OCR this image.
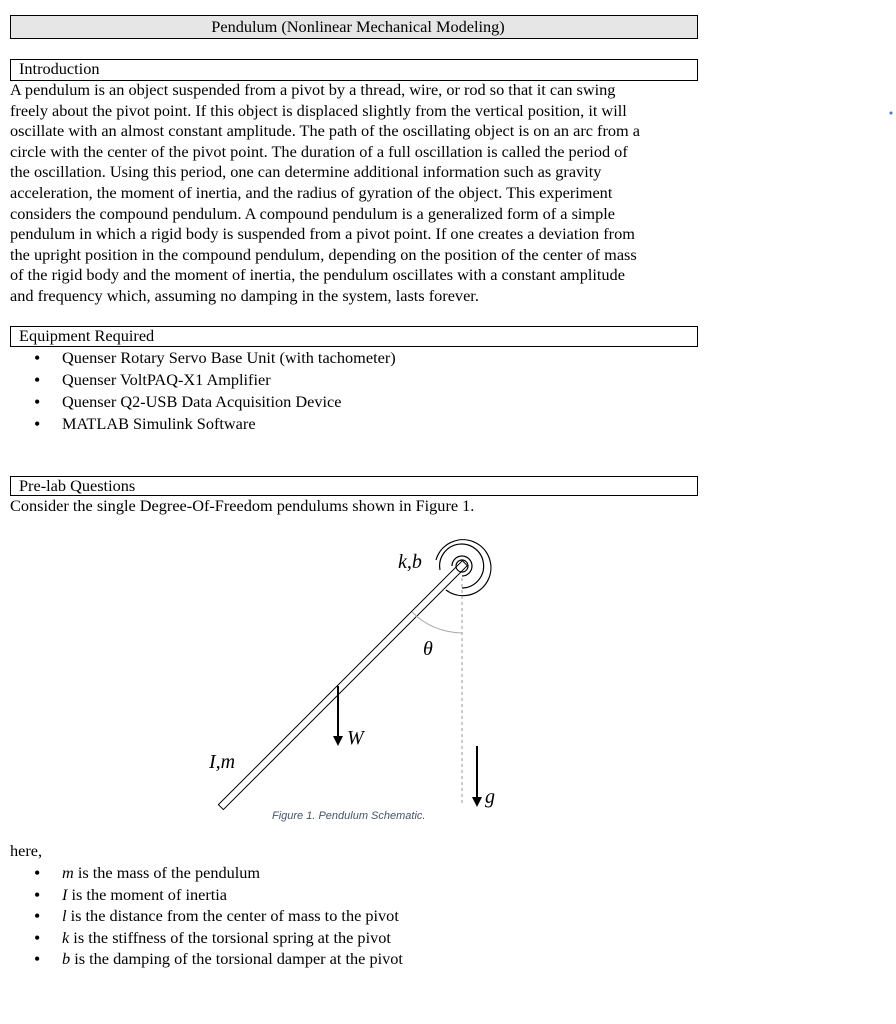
Pendulum (Nonlinear Mechanical Modeling)
Introduction
A pendulum is an object suspended from a pivot by a thread, wire, or rod so that it can swing
freely about the pivot point. If this object is displaced slightly from the vertical position, it will
oscillate with an almost constant amplitude. The path of the oscillating object is on an arc from a
circle with the center of the pivot point. The duration of a full oscillation is called the period of
the oscillation. Using this period, one can determine additional information such as gravity
acceleration, the moment of inertia, and the radius of gyration of the object. This experiment
considers the compound pendulum. A compound pendulum is a generalized form of a simple
pendulum in which a rigid body is suspended from a pivot point. If one creates a deviation from
the upright position in the compound pendulum, depending on the position of the center of mass
of the rigid body and the moment of inertia, the pendulum oscillates with a constant amplitude
and frequency which, assuming no damping in the system, lasts forever.
Equipment Required
• Quenser Rotary Servo Base Unit (with tachometer)
• Quenser VoltPAQ-X1 Amplifier
• Quenser Q2-USB Data Acquisition Device
• MATLAB Simulink Software
Pre-lab Questions
Consider the single Degree-Of-Freedom pendulums shown in Figure 1.
k,b
θ
W
I,m
g
Figure 1. Pendulum Schematic.
here,
• m is the mass of the pendulum
• I is the moment of inertia
• l is the distance from the center of mass to the pivot
• k is the stiffness of the torsional spring at the pivot
• b is the damping of the torsional damper at the pivot
